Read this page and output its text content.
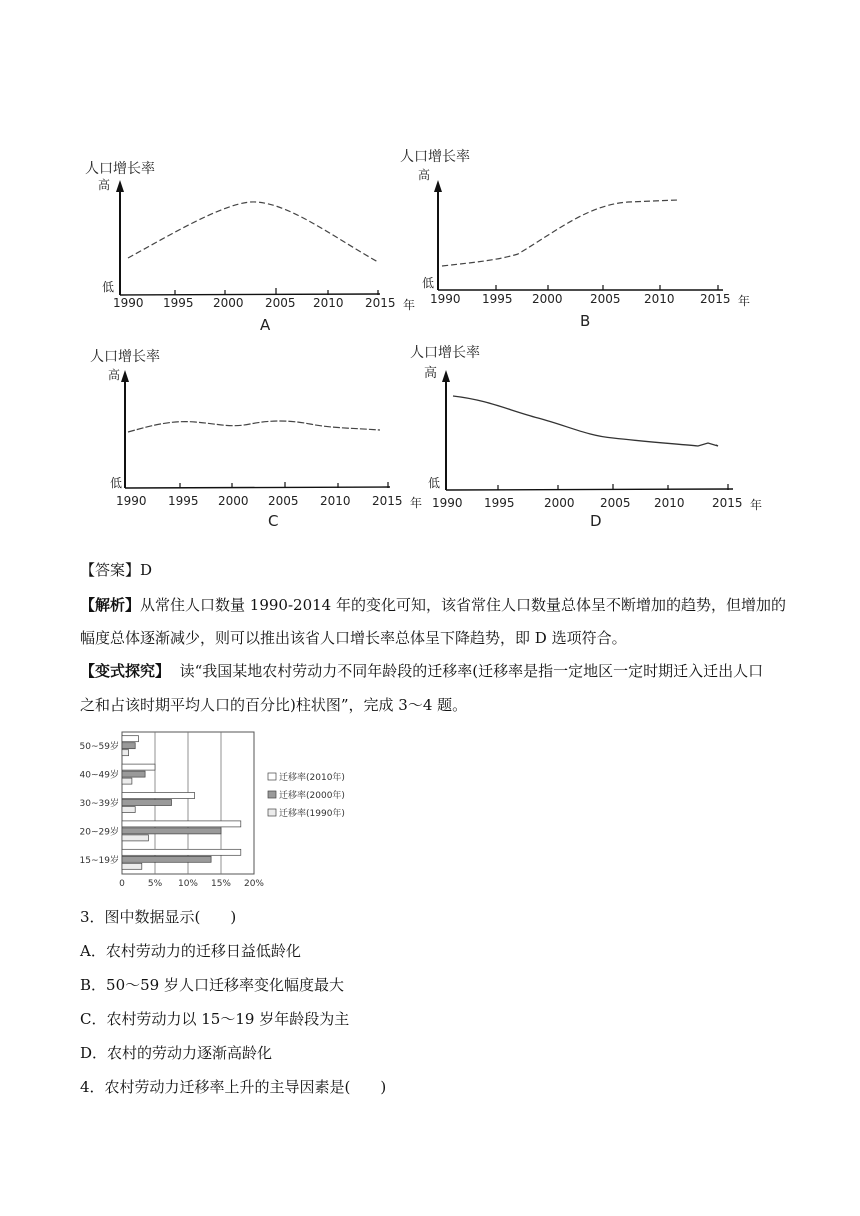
人口增长率
高
低
1990 1995 2000 2005 2010 2015 年
A
人口增长率
高
低
1990 1995 2000 2005 2010 2015 年
B
人口增长率
高
低
1990 1995 2000 2005 2010 2015 年
C
人口增长率
高
低
1990 1995 2000 2005 2010 2015 年
D
【答案】D
【解析】从常住人口数量 1990-2014 年的变化可知，该省常住人口数量总体呈不断增加的趋势，但增加的
幅度总体逐渐减少，则可以推出该省人口增长率总体呈下降趋势，即 D 选项符合。
【变式探究】 读“我国某地农村劳动力不同年龄段的迁移率(迁移率是指一定地区一定时期迁入迁出人口
之和占该时期平均人口的百分比)柱状图”，完成 3～4 题。
0	5% 10% 15% 20%
50~59岁
40~49岁
30~39岁
20~29岁
15~19岁
迁移率(2010年)
迁移率(2000年)
迁移率(1990年)
3．图中数据显示(　　)
A．农村劳动力的迁移日益低龄化
B．50～59 岁人口迁移率变化幅度最大
C．农村劳动力以 15～19 岁年龄段为主
D．农村的劳动力逐渐高龄化
4．农村劳动力迁移率上升的主导因素是(　　)
